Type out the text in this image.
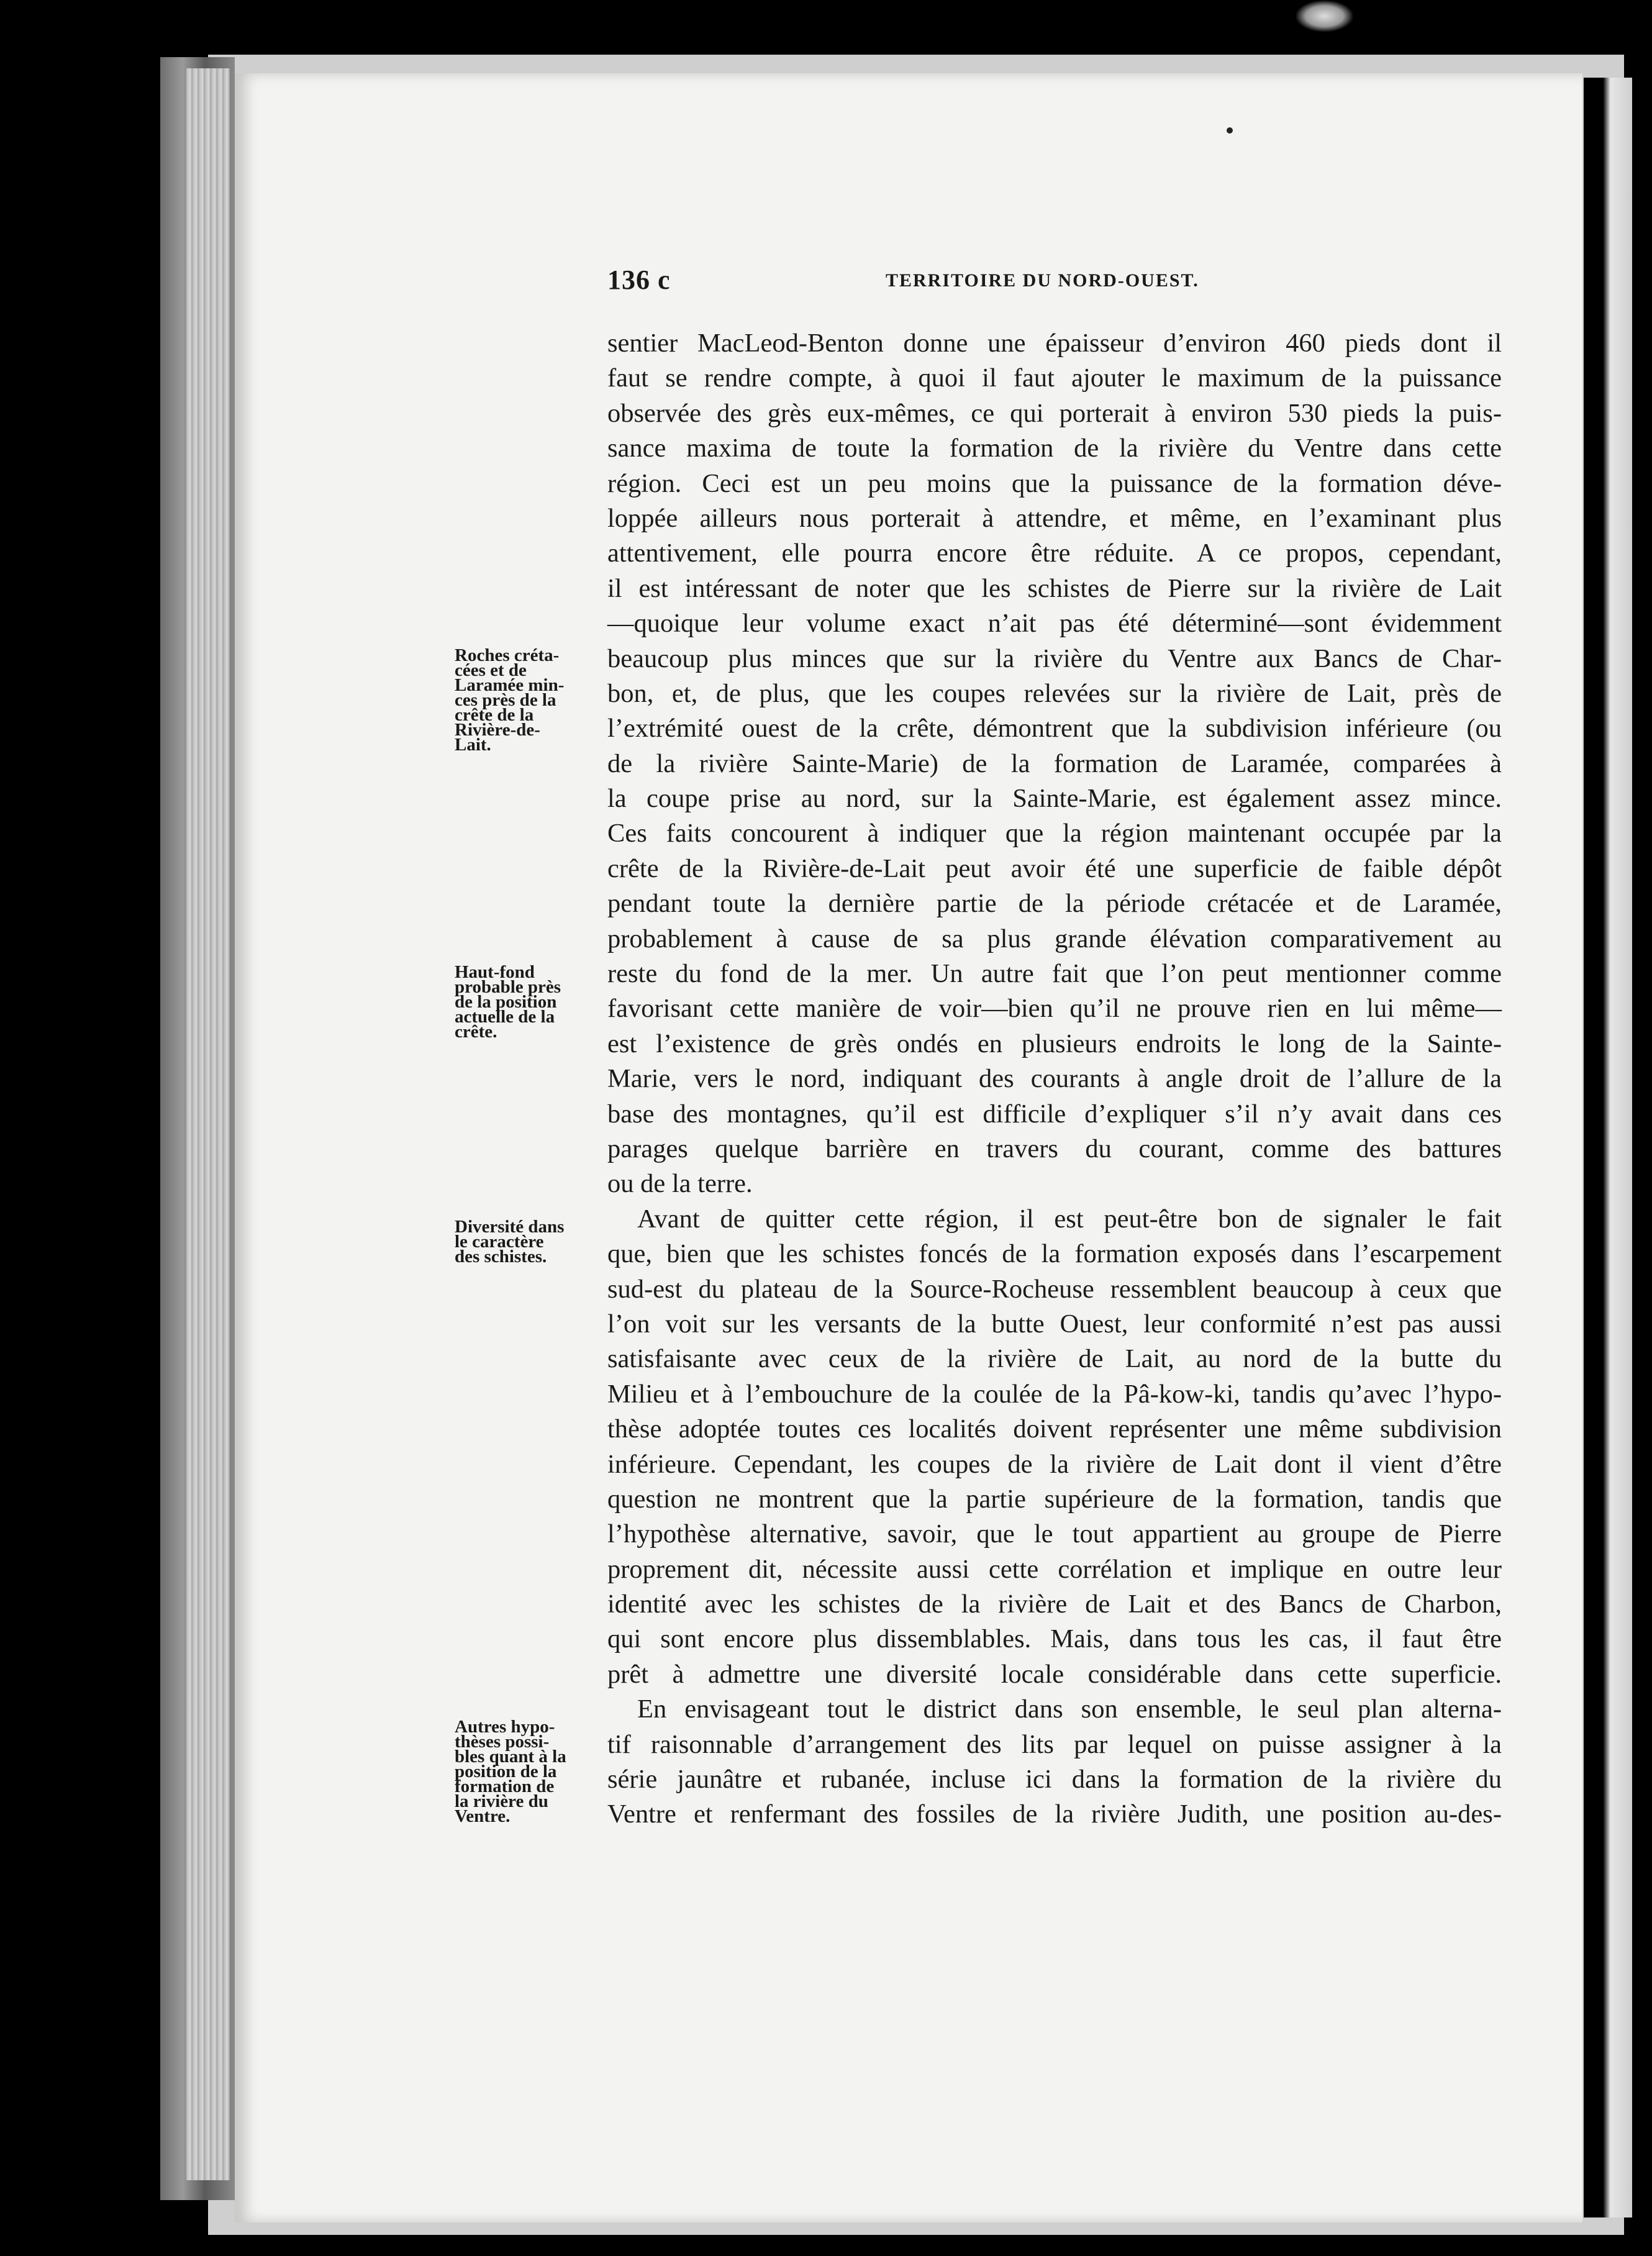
136 c	TERRITOIRE DU NORD-OUEST.
Roches créta-
cées et de
Laramée min-
ces près de la
crête de la
Rivière-de-
Lait.
Haut-fond
probable près
de la position
actuelle de la
crête.
Diversité dans
le caractère
des schistes.
Autres hypo-
thèses possi-
bles quant à la
position de la
formation de
la rivière du
Ventre.
sentier MacLeod-Benton donne une épaisseur d’environ 460 pieds dont il
faut se rendre compte, à quoi il faut ajouter le maximum de la puissance
observée des grès eux-mêmes, ce qui porterait à environ 530 pieds la puis-
sance maxima de toute la formation de la rivière du Ventre dans cette
région. Ceci est un peu moins que la puissance de la formation déve-
loppée ailleurs nous porterait à attendre, et même, en l’examinant plus
attentivement, elle pourra encore être réduite. A ce propos, cependant,
il est intéressant de noter que les schistes de Pierre sur la rivière de Lait
—quoique leur volume exact n’ait pas été déterminé—sont évidemment
beaucoup plus minces que sur la rivière du Ventre aux Bancs de Char-
bon, et, de plus, que les coupes relevées sur la rivière de Lait, près de
l’extrémité ouest de la crête, démontrent que la subdivision inférieure (ou
de la rivière Sainte-Marie) de la formation de Laramée, comparées à
la coupe prise au nord, sur la Sainte-Marie, est également assez mince.
Ces faits concourent à indiquer que la région maintenant occupée par la
crête de la Rivière-de-Lait peut avoir été une superficie de faible dépôt
pendant toute la dernière partie de la période crétacée et de Laramée,
probablement à cause de sa plus grande élévation comparativement au
reste du fond de la mer. Un autre fait que l’on peut mentionner comme
favorisant cette manière de voir—bien qu’il ne prouve rien en lui même—
est l’existence de grès ondés en plusieurs endroits le long de la Sainte-
Marie, vers le nord, indiquant des courants à angle droit de l’allure de la
base des montagnes, qu’il est difficile d’expliquer s’il n’y avait dans ces
parages quelque barrière en travers du courant, comme des battures
ou de la terre.
Avant de quitter cette région, il est peut-être bon de signaler le fait
que, bien que les schistes foncés de la formation exposés dans l’escarpement
sud-est du plateau de la Source-Rocheuse ressemblent beaucoup à ceux que
l’on voit sur les versants de la butte Ouest, leur conformité n’est pas aussi
satisfaisante avec ceux de la rivière de Lait, au nord de la butte du
Milieu et à l’embouchure de la coulée de la Pâ-kow-ki, tandis qu’avec l’hypo-
thèse adoptée toutes ces localités doivent représenter une même subdivision
inférieure. Cependant, les coupes de la rivière de Lait dont il vient d’être
question ne montrent que la partie supérieure de la formation, tandis que
l’hypothèse alternative, savoir, que le tout appartient au groupe de Pierre
proprement dit, nécessite aussi cette corrélation et implique en outre leur
identité avec les schistes de la rivière de Lait et des Bancs de Charbon,
qui sont encore plus dissemblables. Mais, dans tous les cas, il faut être
prêt à admettre une diversité locale considérable dans cette superficie.
En envisageant tout le district dans son ensemble, le seul plan alterna-
tif raisonnable d’arrangement des lits par lequel on puisse assigner à la
série jaunâtre et rubanée, incluse ici dans la formation de la rivière du
Ventre et renfermant des fossiles de la rivière Judith, une position au-des-
